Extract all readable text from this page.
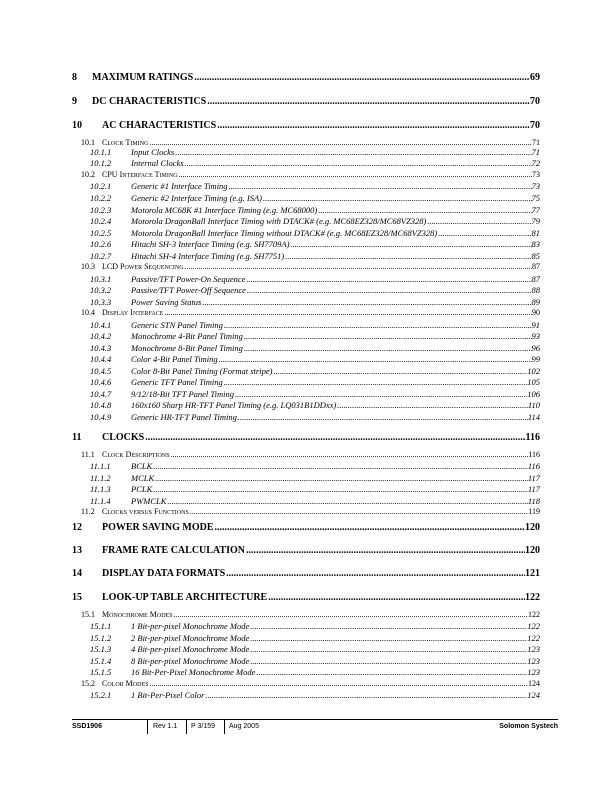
8	MAXIMUM RATINGS .....	69
9	DC CHARACTERISTICS .....	70
10	AC CHARACTERISTICS .....	70
10.1 Clock Timing .....	71
10.1.1	Input Clocks .....	71
10.1.2	Internal Clocks .....	72
10.2 CPU Interface Timing .....	73
10.2.1	Generic #1 Interface Timing .....	73
10.2.2	Generic #2 Interface Timing (e.g. ISA) .....	75
10.2.3	Motorola MC68K #1 Interface Timing (e.g. MC68000) .....	77
10.2.4	Motorola DragonBall Interface Timing with DTACK# (e.g. MC68EZ328/MC68VZ328) .....	79
10.2.5	Motorola DragonBall Interface Timing without DTACK# (e.g. MC68EZ328/MC68VZ328) .....	81
10.2.6	Hitachi SH-3 Interface Timing (e.g. SH7709A) .....	83
10.2.7	Hitachi SH-4 Interface Timing (e.g. SH7751) .....	85
10.3 LCD Power Sequencing .....	87
10.3.1	Passive/TFT Power-On Sequence .....	87
10.3.2	Passive/TFT Power-Off Sequence .....	88
10.3.3	Power Saving Status .....	89
10.4 Display Interface .....	90
10.4.1	Generic STN Panel Timing .....	91
10.4.2	Monochrome 4-Bit Panel Timing .....	93
10.4.3	Monochrome 8-Bit Panel Timing .....	96
10.4.4	Color 4-Bit Panel Timing .....	99
10.4.5	Color 8-Bit Panel Timing (Format stripe) .....	102
10.4.6	Generic TFT Panel Timing .....	105
10.4.7	9/12/18-Bit TFT Panel Timing .....	106
10.4.8	160x160 Sharp HR-TFT Panel Timing (e.g. LQ031B1DDxx) .....	110
10.4.9	Generic HR-TFT Panel Timing .....	114
11	CLOCKS .....	116
11.1 Clock Descriptions .....	116
11.1.1	BCLK .....	116
11.1.2	MCLK .....	117
11.1.3	PCLK .....	117
11.1.4	PWMCLK .....	118
11.2 Clocks versus Functions .....	119
12	POWER SAVING MODE .....	120
13	FRAME RATE CALCULATION .....	120
14	DISPLAY DATA FORMATS .....	121
15	LOOK-UP TABLE ARCHITECTURE .....	122
15.1 Monochrome Modes .....	122
15.1.1	1 Bit-per-pixel Monochrome Mode .....	122
15.1.2	2 Bit-per-pixel Monochrome Mode .....	122
15.1.3	4 Bit-per-pixel Monochrome Mode .....	123
15.1.4	8 Bit-per-pixel Monochrome Mode .....	123
15.1.5	16 Bit-Per-Pixel Monochrome Mode .....	123
15.2 Color Modes .....	124
15.2.1	1 Bit-Per-Pixel Color .....	124
SSD1906	Rev 1.1 P 3/159 Aug 2005	Solomon Systech
